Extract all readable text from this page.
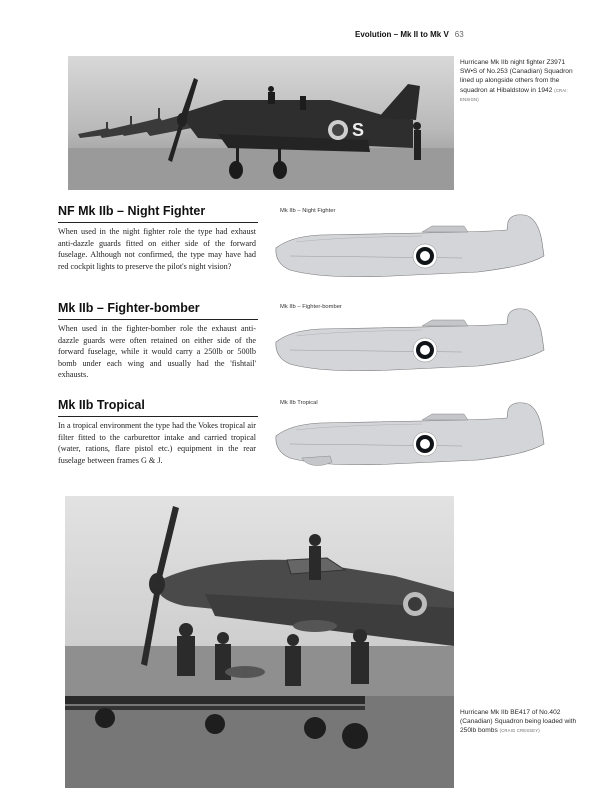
Evolution – Mk II to Mk V 63
S
Hurricane Mk IIb night fighter Z3971 SW•S of No.253 (Canadian) Squadron lined up alongside others from the squadron at Hibaldstow in 1942 (CRAI: ENSIGN)
NF Mk IIb – Night Fighter
When used in the night fighter role the type had exhaust anti-dazzle guards fitted on either side of the forward fuselage. Although not confirmed, the type may have had red cockpit lights to preserve the pilot's night vision?
Mk IIb – Fighter-bomber
When used in the fighter-bomber role the exhaust anti-dazzle guards were often retained on either side of the forward fuselage, while it would carry a 250lb or 500lb bomb under each wing and usually had the 'fishtail' exhausts.
Mk IIb Tropical
In a tropical environment the type had the Vokes tropical air filter fitted to the carburettor intake and carried tropical (water, rations, flare pistol etc.) equipment in the rear fuselage between frames G & J.
Mk IIb – Night Fighter
Mk IIb – Fighter-bomber
Mk IIb Tropical
Hurricane Mk IIb BE417 of No.402 (Canadian) Squadron being loaded with 250lb bombs (CRAIG CRESSEY)
